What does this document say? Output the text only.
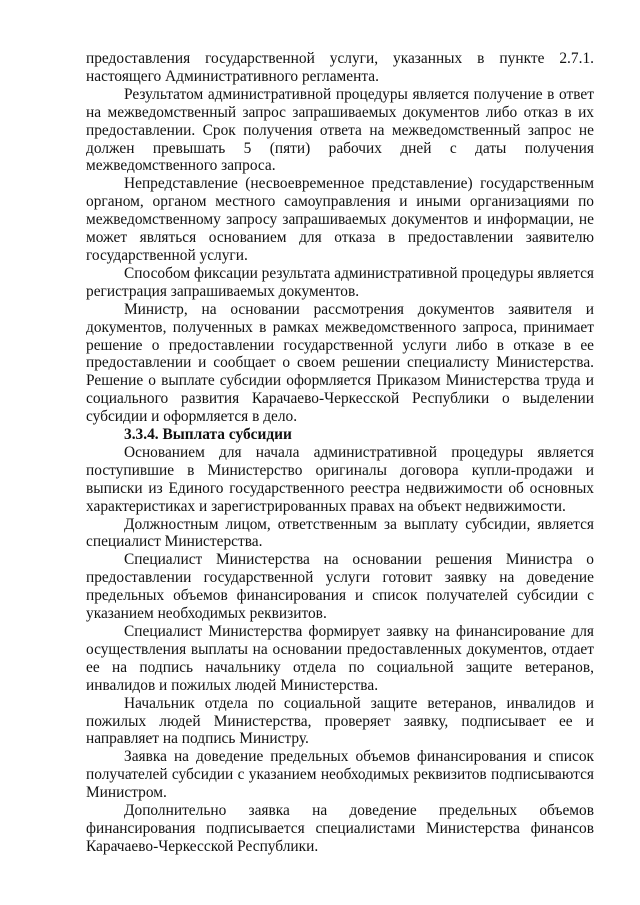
предоставления государственной услуги, указанных в пункте 2.7.1. настоящего Административного регламента.

Результатом административной процедуры является получение в ответ на межведомственный запрос запрашиваемых документов либо отказ в их предоставлении. Срок получения ответа на межведомственный запрос не должен превышать 5 (пяти) рабочих дней с даты получения межведомственного запроса.

Непредставление (несвоевременное представление) государственным органом, органом местного самоуправления и иными организациями по межведомственному запросу запрашиваемых документов и информации, не может являться основанием для отказа в предоставлении заявителю государственной услуги.

Способом фиксации результата административной процедуры является регистрация запрашиваемых документов.

Министр, на основании рассмотрения документов заявителя и документов, полученных в рамках межведомственного запроса, принимает решение о предоставлении государственной услуги либо в отказе в ее предоставлении и сообщает о своем решении специалисту Министерства. Решение о выплате субсидии оформляется Приказом Министерства труда и социального развития Карачаево-Черкесской Республики о выделении субсидии и оформляется в дело.

3.3.4. Выплата субсидии

Основанием для начала административной процедуры является поступившие в Министерство оригиналы договора купли-продажи и выписки из Единого государственного реестра недвижимости об основных характеристиках и зарегистрированных правах на объект недвижимости.

Должностным лицом, ответственным за выплату субсидии, является специалист Министерства.

Специалист Министерства на основании решения Министра о предоставлении государственной услуги готовит заявку на доведение предельных объемов финансирования и список получателей субсидии с указанием необходимых реквизитов.

Специалист Министерства формирует заявку на финансирование для осуществления выплаты на основании предоставленных документов, отдает ее на подпись начальнику отдела по социальной защите ветеранов, инвалидов и пожилых людей Министерства.

Начальник отдела по социальной защите ветеранов, инвалидов и пожилых людей Министерства, проверяет заявку, подписывает ее и направляет на подпись Министру.

Заявка на доведение предельных объемов финансирования и список получателей субсидии с указанием необходимых реквизитов подписываются Министром.

Дополнительно заявка на доведение предельных объемов финансирования подписывается специалистами Министерства финансов Карачаево-Черкесской Республики.
